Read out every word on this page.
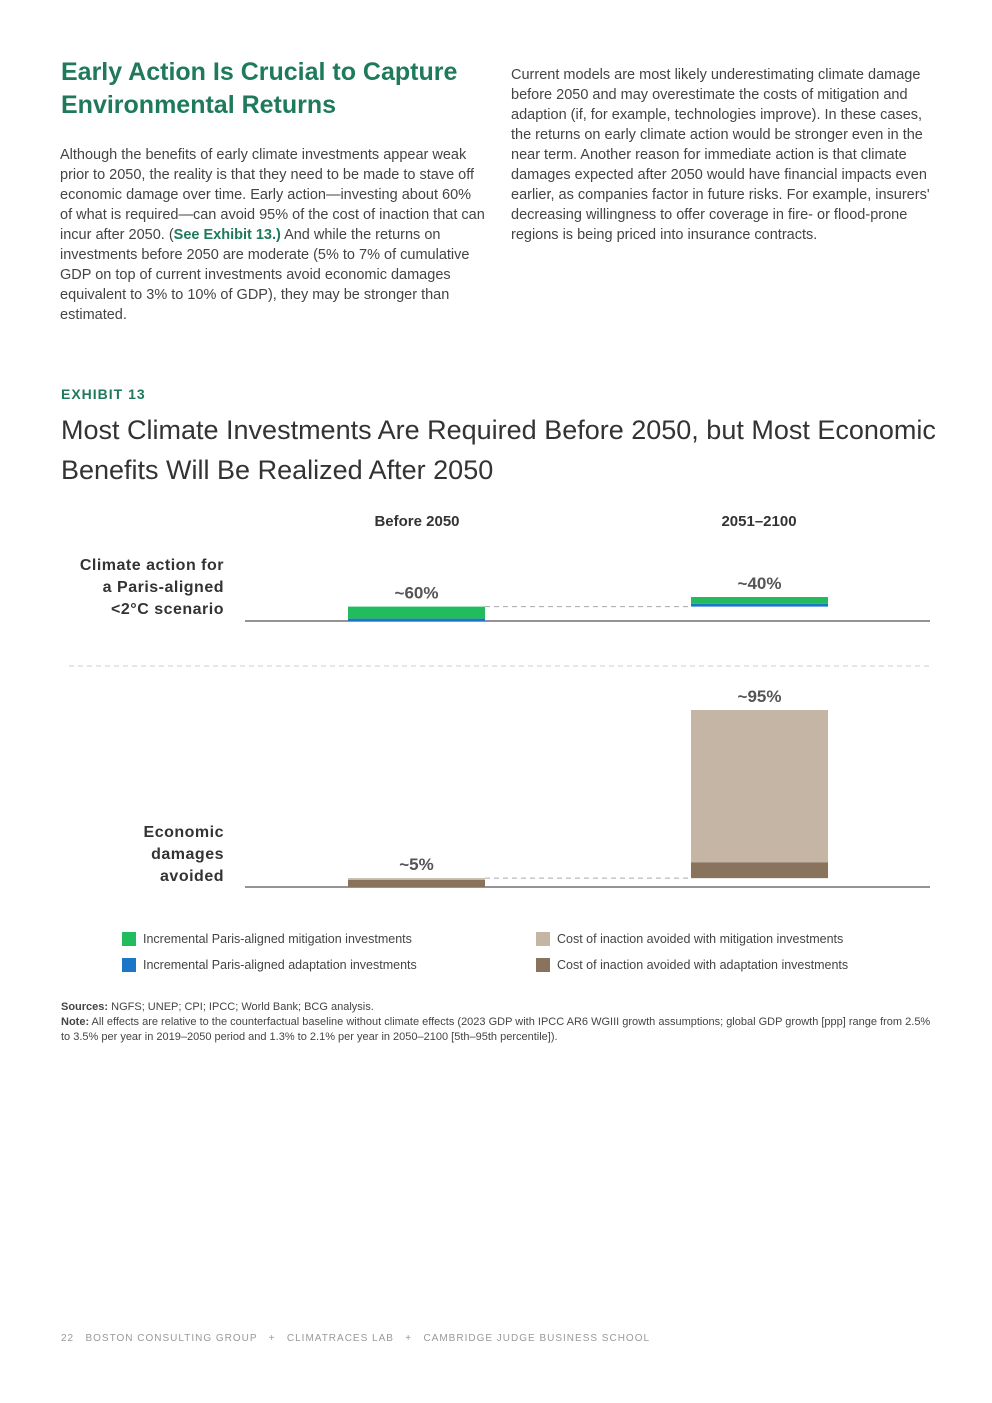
Early Action Is Crucial to Capture Environmental Returns
Although the benefits of early climate investments appear weak prior to 2050, the reality is that they need to be made to stave off economic damage over time. Early action—investing about 60% of what is required—can avoid 95% of the cost of inaction that can incur after 2050. (See Exhibit 13.) And while the returns on investments before 2050 are moderate (5% to 7% of cumulative GDP on top of current investments avoid economic damages equivalent to 3% to 10% of GDP), they may be stronger than estimated.
Current models are most likely underestimating climate damage before 2050 and may overestimate the costs of mitigation and adaption (if, for example, technologies improve). In these cases, the returns on early climate action would be stronger even in the near term. Another reason for immediate action is that climate damages expected after 2050 would have financial impacts even earlier, as companies factor in future risks. For example, insurers' decreasing willingness to offer coverage in fire- or flood-prone regions is being priced into insurance contracts.
EXHIBIT 13
Most Climate Investments Are Required Before 2050, but Most Economic Benefits Will Be Realized After 2050
Before 2050	2051–2100
Climate action for
a Paris-aligned
<2°C scenario
Economic
damages
avoided
~60%
~40%
~5%
~95%
Incremental Paris-aligned mitigation investments
Incremental Paris-aligned adaptation investments
Cost of inaction avoided with mitigation investments
Cost of inaction avoided with adaptation investments
Sources: NGFS; UNEP; CPI; IPCC; World Bank; BCG analysis.
Note: All effects are relative to the counterfactual baseline without climate effects (2023 GDP with IPCC AR6 WGIII growth assumptions; global GDP growth [ppp] range from 2.5% to 3.5% per year in 2019–2050 period and 1.3% to 2.1% per year in 2050–2100 [5th–95th percentile]).
22   BOSTON CONSULTING GROUP   +   CLIMATRACES LAB   +   CAMBRIDGE JUDGE BUSINESS SCHOOL
